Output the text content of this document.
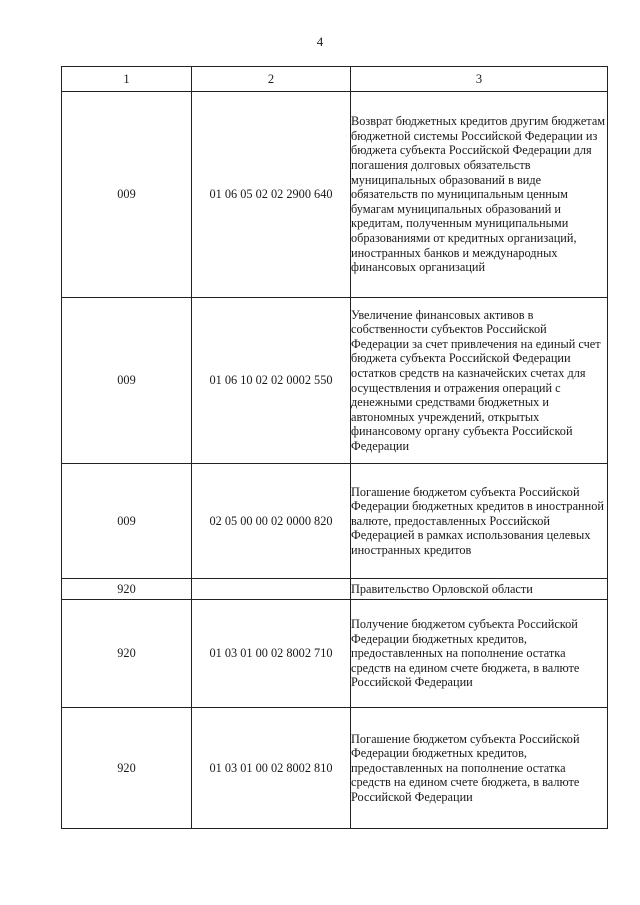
4
1	2	3
009	01 06 05 02 02 2900 640	Возврат бюджетных кредитов другим бюджетам бюджетной системы Российской Федерации из бюджета субъекта Российской Федерации для погашения долговых обязательств муниципальных образований в виде обязательств по муниципальным ценным бумагам муниципальных образований и кредитам, полученным муниципальными образованиями от кредитных организаций, иностранных банков и международных финансовых организаций

009	01 06 10 02 02 0002 550	Увеличение финансовых активов в собственности субъектов Российской Федерации за счет привлечения на единый счет бюджета субъекта Российской Федерации остатков средств на казначейских счетах для осуществления и отражения операций с денежными средствами бюджетных и автономных учреждений, открытых финансовому органу субъекта Российской Федерации

009	02 05 00 00 02 0000 820	Погашение бюджетом субъекта Российской Федерации бюджетных кредитов в иностранной валюте, предоставленных Российской Федерацией в рамках использования целевых иностранных кредитов

920		Правительство Орловской области

920	01 03 01 00 02 8002 710	Получение бюджетом субъекта Российской Федерации бюджетных кредитов, предоставленных на пополнение остатка средств на едином счете бюджета, в валюте Российской Федерации

920	01 03 01 00 02 8002 810	Погашение бюджетом субъекта Российской Федерации бюджетных кредитов, предоставленных на пополнение остатка средств на едином счете бюджета, в валюте Российской Федерации
